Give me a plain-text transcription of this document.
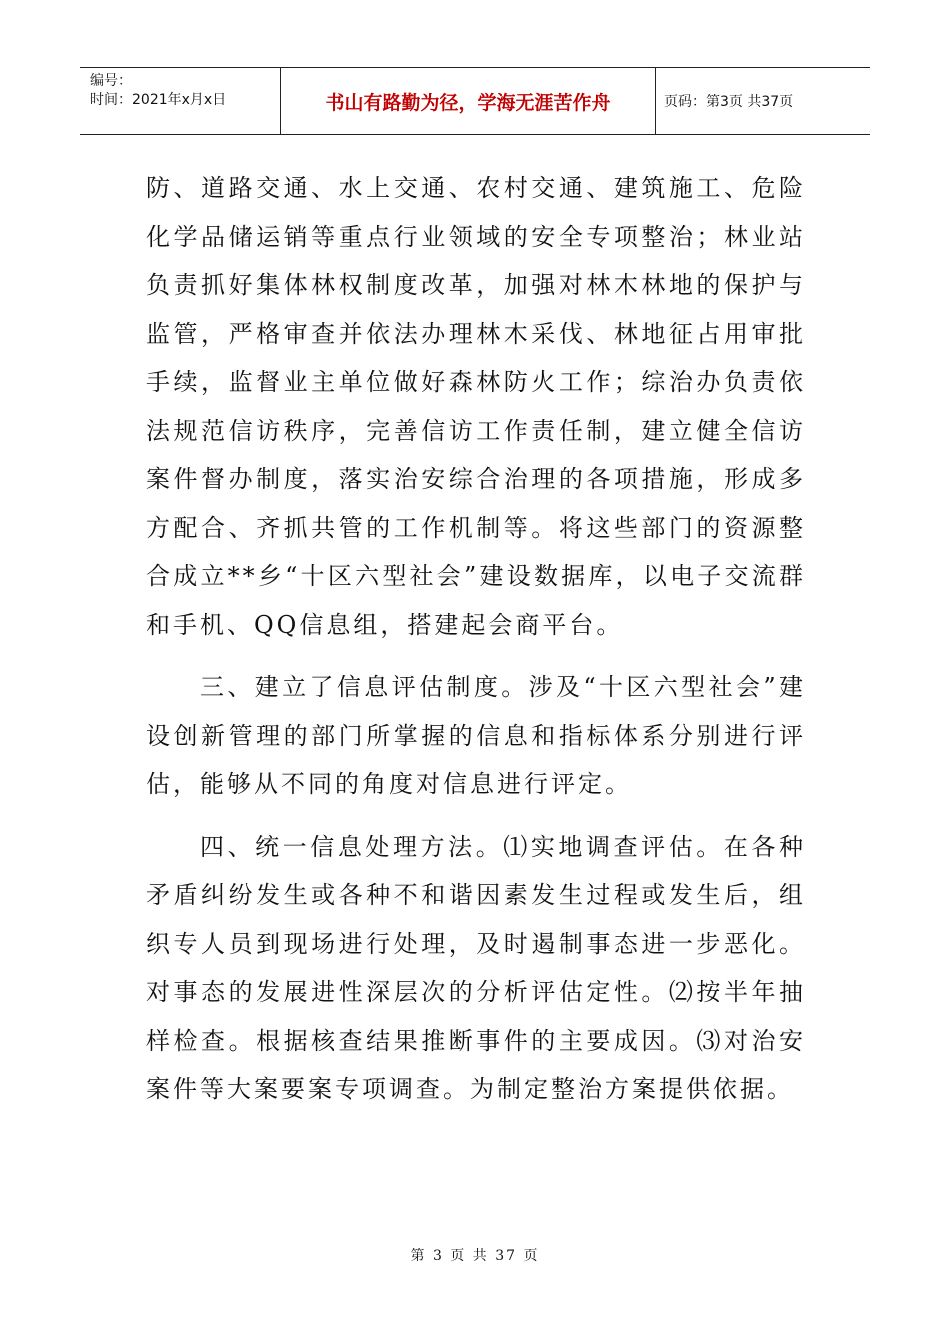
编号：
时间：2021年x月x日	书山有路勤为径，学海无涯苦作舟	页码：第3页 共37页

防、道路交通、水上交通、农村交通、建筑施工、危险化学品储运销等重点行业领域的安全专项整治；林业站负责抓好集体林权制度改革，加强对林木林地的保护与监管，严格审查并依法办理林木采伐、林地征占用审批手续，监督业主单位做好森林防火工作；综治办负责依法规范信访秩序，完善信访工作责任制，建立健全信访案件督办制度，落实治安综合治理的各项措施，形成多方配合、齐抓共管的工作机制等。将这些部门的资源整合成立**乡“十区六型社会”建设数据库，以电子交流群和手机、QQ信息组，搭建起会商平台。

三、建立了信息评估制度。涉及“十区六型社会”建设创新管理的部门所掌握的信息和指标体系分别进行评估，能够从不同的角度对信息进行评定。

四、统一信息处理方法。⑴实地调查评估。在各种矛盾纠纷发生或各种不和谐因素发生过程或发生后，组织专人员到现场进行处理，及时遏制事态进一步恶化。对事态的发展进性深层次的分析评估定性。⑵按半年抽样检查。根据核查结果推断事件的主要成因。⑶对治安案件等大案要案专项调查。为制定整治方案提供依据。

第 3 页 共 37 页
